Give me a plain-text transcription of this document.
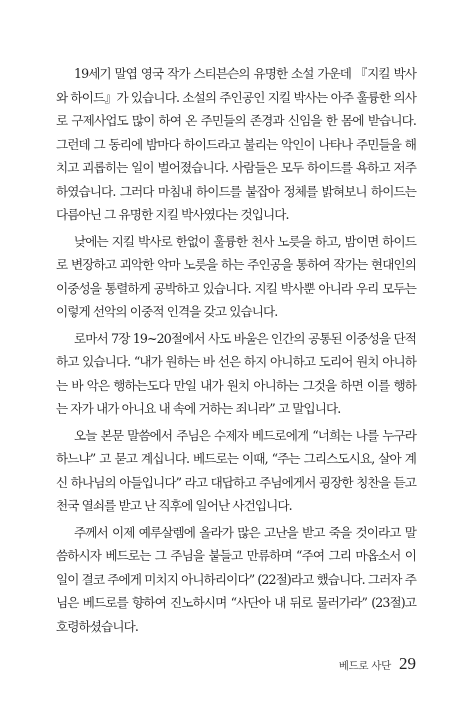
19세기 말엽 영국 작가 스티븐슨의 유명한 소설 가운데 『지킬 박사와 하이드』가 있습니다. 소설의 주인공인 지킬 박사는 아주 훌륭한 의사로 구제사업도 많이 하여 온 주민들의 존경과 신임을 한 몸에 받습니다. 그런데 그 동리에 밤마다 하이드라고 불리는 악인이 나타나 주민들을 해치고 괴롭히는 일이 벌어졌습니다. 사람들은 모두 하이드를 욕하고 저주하였습니다. 그러다 마침내 하이드를 붙잡아 정체를 밝혀보니 하이드는 다름아닌 그 유명한 지킬 박사였다는 것입니다.

낮에는 지킬 박사로 한없이 훌륭한 천사 노릇을 하고, 밤이면 하이드로 변장하고 괴악한 악마 노릇을 하는 주인공을 통하여 작가는 현대인의 이중성을 통렬하게 공박하고 있습니다. 지킬 박사뿐 아니라 우리 모두는 이렇게 선악의 이중적 인격을 갖고 있습니다.

로마서 7장 19~20절에서 사도 바울은 인간의 공통된 이중성을 단적하고 있습니다. “내가 원하는 바 선은 하지 아니하고 도리어 원치 아니하는 바 악은 행하는도다 만일 내가 원치 아니하는 그것을 하면 이를 행하는 자가 내가 아니요 내 속에 거하는 죄니라” 고 말입니다.

오늘 본문 말씀에서 주님은 수제자 베드로에게 “너희는 나를 누구라 하느냐” 고 묻고 계십니다. 베드로는 이때, “주는 그리스도시요, 살아 계신 하나님의 아들입니다” 라고 대답하고 주님에게서 굉장한 칭찬을 듣고 천국 열쇠를 받고 난 직후에 일어난 사건입니다.

주께서 이제 예루살렘에 올라가 많은 고난을 받고 죽을 것이라고 말씀하시자 베드로는 그 주님을 붙들고 만류하며 “주여 그리 마옵소서 이 일이 결코 주에게 미치지 아니하리이다” (22절)라고 했습니다. 그러자 주님은 베드로를 향하여 진노하시며 “사단아 내 뒤로 물러가라” (23절)고 호령하셨습니다.

베드로 사단 29
